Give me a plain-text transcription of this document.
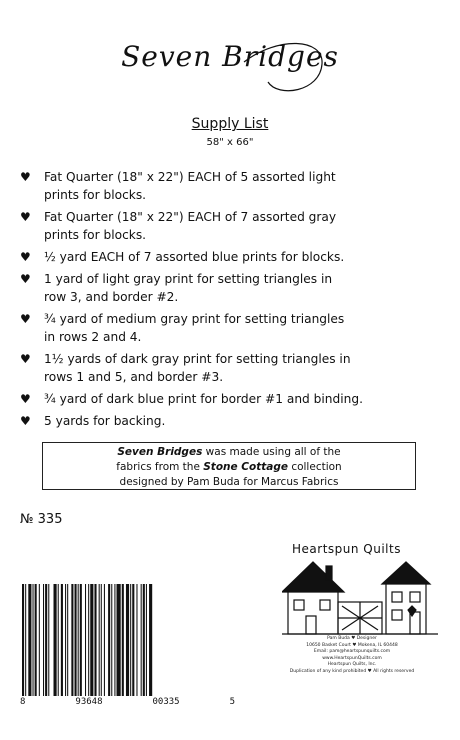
Seven Bridges
Supply List
58" x 66"
♥ Fat Quarter (18" x 22") EACH of 5 assorted light
prints for blocks.
♥ Fat Quarter (18" x 22") EACH of 7 assorted gray
prints for blocks.
♥ ½ yard EACH of 7 assorted blue prints for blocks.
♥ 1 yard of light gray print for setting triangles in
row 3, and border #2.
♥ ¾ yard of medium gray print for setting triangles
in rows 2 and 4.
♥ 1½ yards of dark gray print for setting triangles in
rows 1 and 5, and border #3.
♥ ¾ yard of dark blue print for border #1 and binding.
♥ 5 yards for backing.
Seven Bridges was made using all of the
fabrics from the Stone Cottage collection
designed by Pam Buda for Marcus Fabrics
№ 335
Heartspun Quilts
Pam Buda ♥ Designer
10650 Basket Court ♥ Mokena, IL 60448
Email: pam@heartspunquilts.com
www.HeartspunQuilts.com
Heartspun Quilts, Inc.
Duplication of any kind prohibited ♥ All rights reserved
8	93648	00335	5
